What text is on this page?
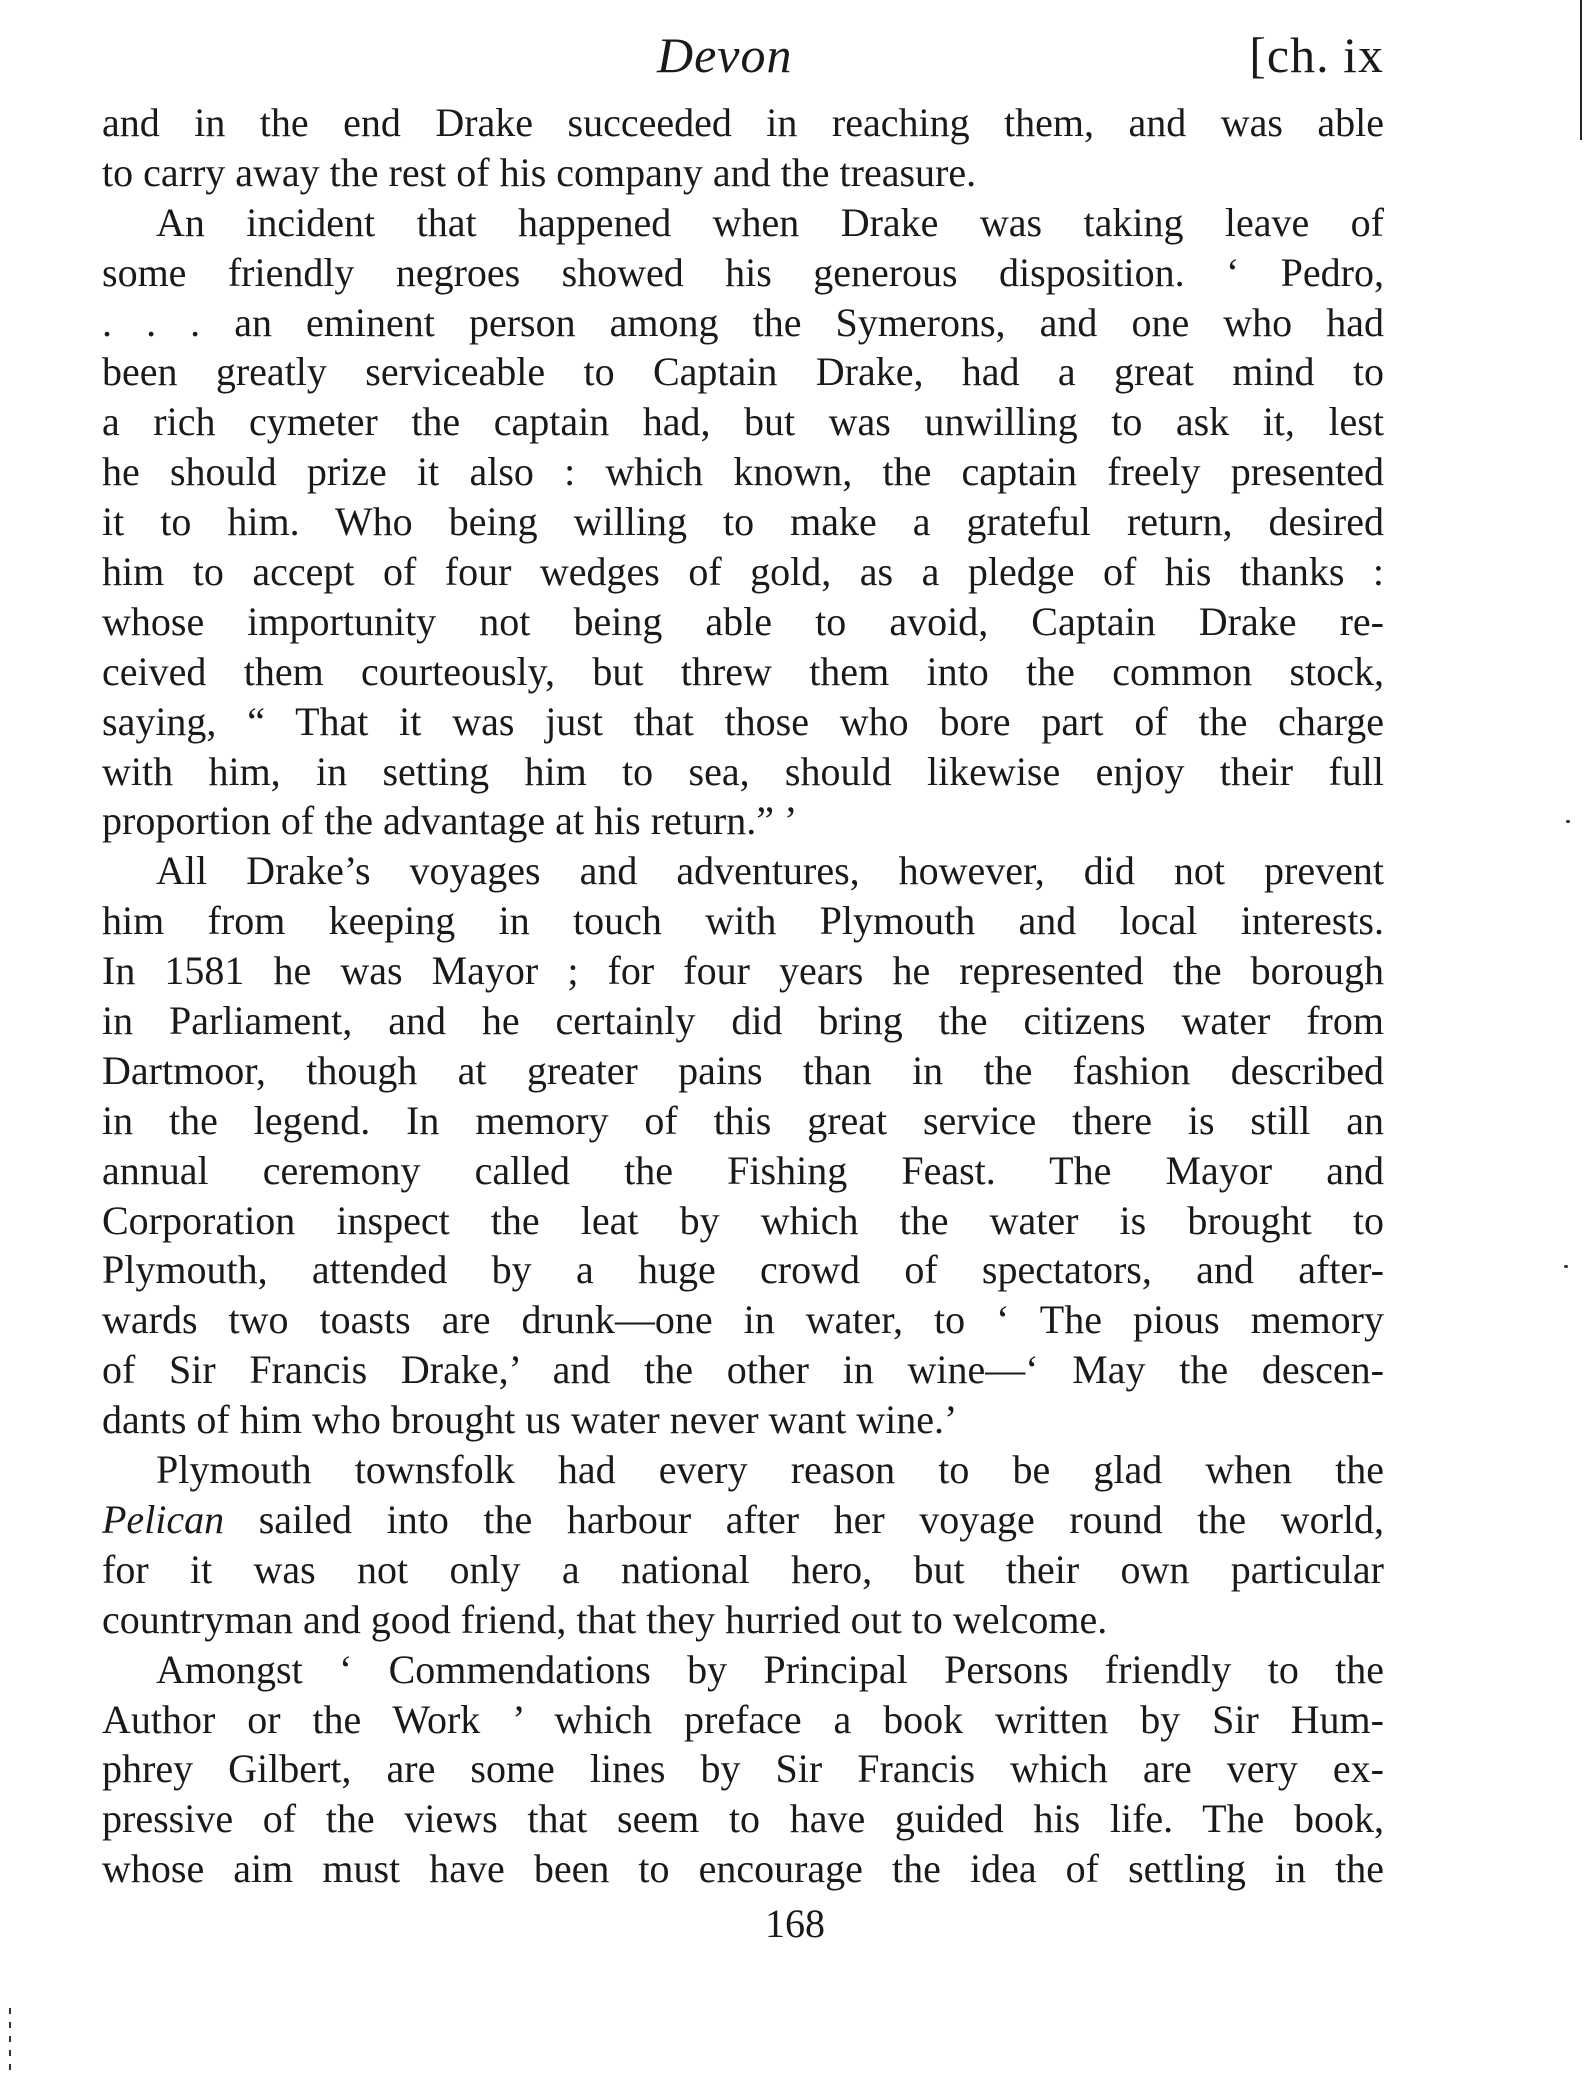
Devon	[ch. ix
and in the end Drake succeeded in reaching them, and was able
to carry away the rest of his company and the treasure.
An incident that happened when Drake was taking leave of
some friendly negroes showed his generous disposition. ‘ Pedro,
. . . an eminent person among the Symerons, and one who had
been greatly serviceable to Captain Drake, had a great mind to
a rich cymeter the captain had, but was unwilling to ask it, lest
he should prize it also : which known, the captain freely presented
it to him. Who being willing to make a grateful return, desired
him to accept of four wedges of gold, as a pledge of his thanks :
whose importunity not being able to avoid, Captain Drake re-
ceived them courteously, but threw them into the common stock,
saying, “ That it was just that those who bore part of the charge
with him, in setting him to sea, should likewise enjoy their full
proportion of the advantage at his return.” ’
All Drake’s voyages and adventures, however, did not prevent
him from keeping in touch with Plymouth and local interests.
In 1581 he was Mayor ; for four years he represented the borough
in Parliament, and he certainly did bring the citizens water from
Dartmoor, though at greater pains than in the fashion described
in the legend. In memory of this great service there is still an
annual ceremony called the Fishing Feast. The Mayor and
Corporation inspect the leat by which the water is brought to
Plymouth, attended by a huge crowd of spectators, and after-
wards two toasts are drunk—one in water, to ‘ The pious memory
of Sir Francis Drake,’ and the other in wine—‘ May the descen-
dants of him who brought us water never want wine.’
Plymouth townsfolk had every reason to be glad when the
Pelican sailed into the harbour after her voyage round the world,
for it was not only a national hero, but their own particular
countryman and good friend, that they hurried out to welcome.
Amongst ‘ Commendations by Principal Persons friendly to the
Author or the Work ’ which preface a book written by Sir Hum-
phrey Gilbert, are some lines by Sir Francis which are very ex-
pressive of the views that seem to have guided his life. The book,
whose aim must have been to encourage the idea of settling in the
168
